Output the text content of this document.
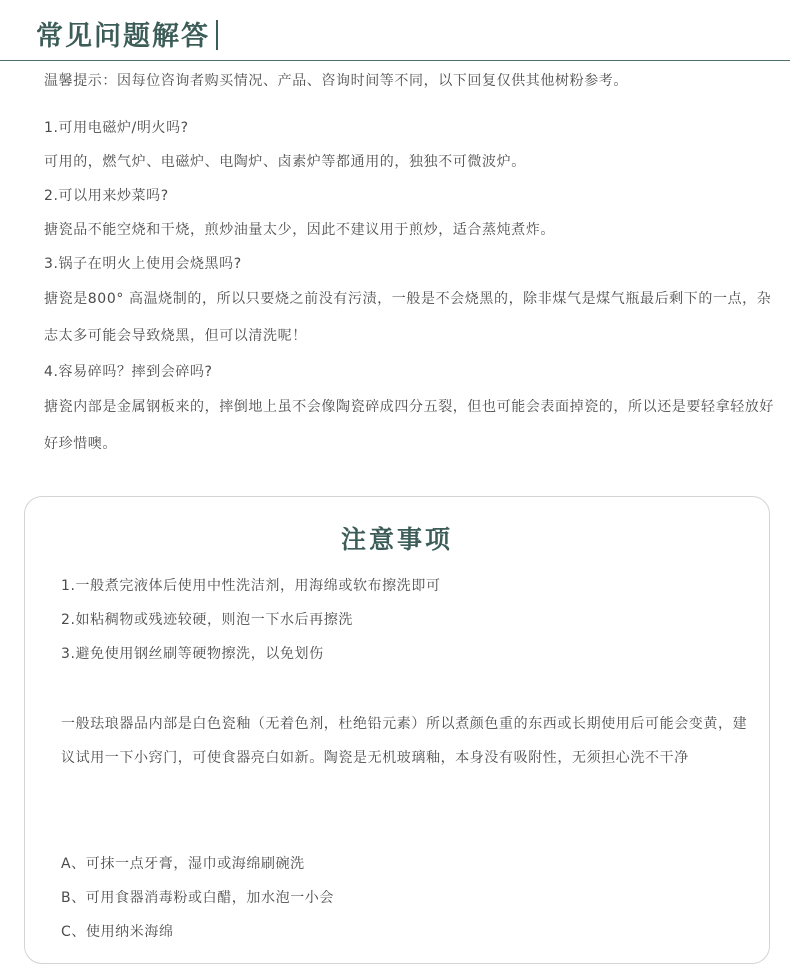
常见问题解答

温馨提示：因每位咨询者购买情况、产品、咨询时间等不同，以下回复仅供其他树粉参考。

1.可用电磁炉/明火吗?

可用的，燃气炉、电磁炉、电陶炉、卤素炉等都通用的，独独不可微波炉。

2.可以用来炒菜吗?

搪瓷品不能空烧和干烧，煎炒油量太少，因此不建议用于煎炒，适合蒸炖煮炸。

3.锅子在明火上使用会烧黑吗?

搪瓷是800° 高温烧制的，所以只要烧之前没有污渍，一般是不会烧黑的，除非煤气是煤气瓶最后剩下的一点，杂志太多可能会导致烧黑，但可以清洗呢！

4.容易碎吗？摔到会碎吗?

搪瓷内部是金属钢板来的，摔倒地上虽不会像陶瓷碎成四分五裂，但也可能会表面掉瓷的，所以还是要轻拿轻放好好珍惜噢。

注意事项

1.一般煮完液体后使用中性洗洁剂，用海绵或软布擦洗即可

2.如粘稠物或残迹较硬，则泡一下水后再擦洗

3.避免使用钢丝刷等硬物擦洗，以免划伤

一般珐琅器品内部是白色瓷釉（无着色剂，杜绝铅元素）所以煮颜色重的东西或长期使用后可能会变黄，建议试用一下小窍门，可使食器亮白如新。陶瓷是无机玻璃釉，本身没有吸附性，无须担心洗不干净

A、可抹一点牙膏，湿巾或海绵刷碗洗

B、可用食器消毒粉或白醋，加水泡一小会

C、使用纳米海绵
